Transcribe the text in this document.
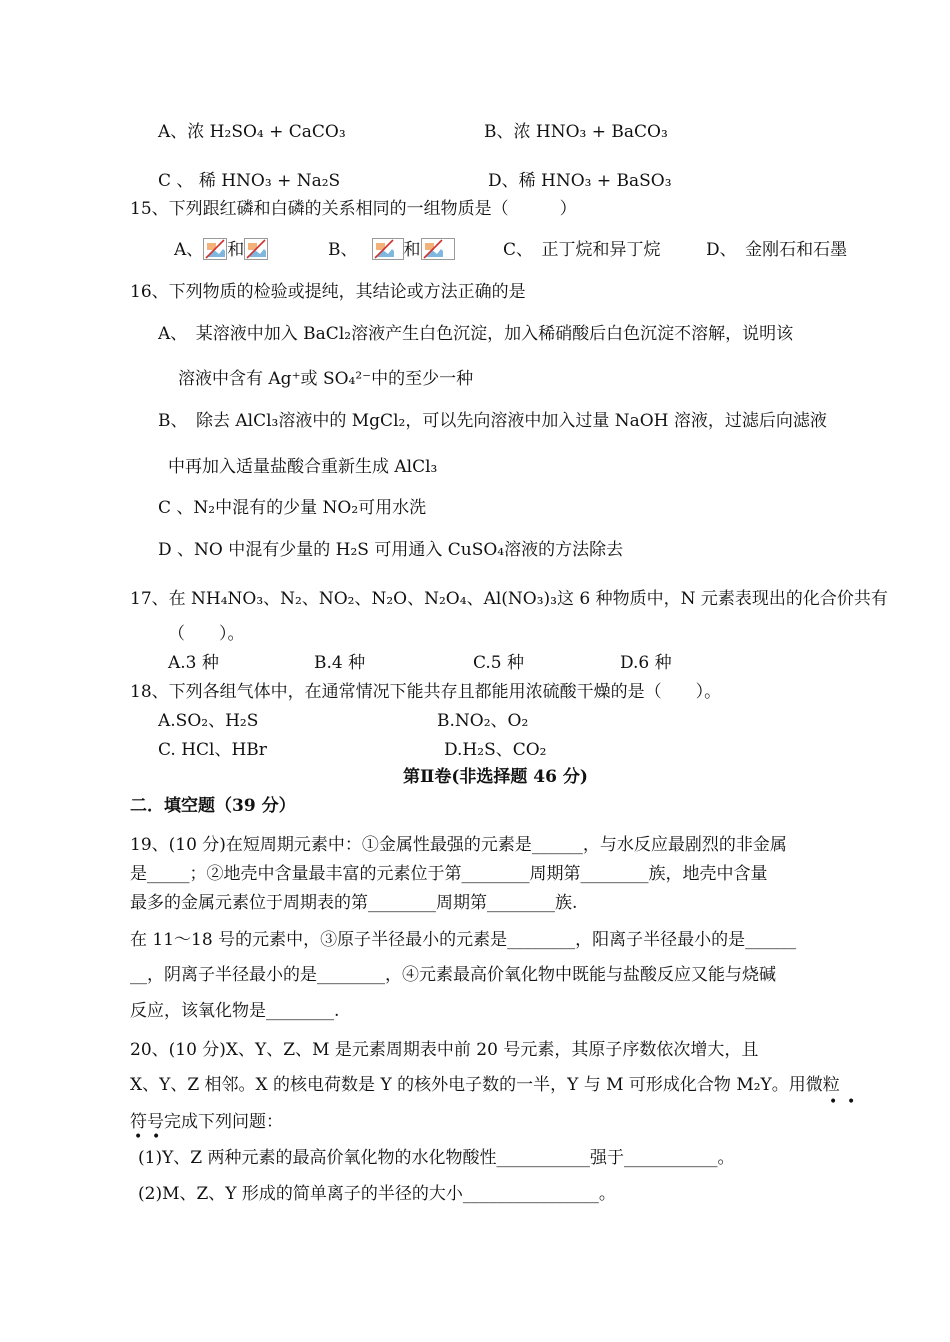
A、浓 H₂SO₄ + CaCO₃	B、浓 HNO₃ + BaCO₃
C 、 稀 HNO₃ + Na₂S	D、稀 HNO₃ + BaSO₃
15、下列跟红磷和白磷的关系相同的一组物质是（　　　）
A、 和	B、	和	C、　正丁烷和异丁烷	D、　金刚石和石墨
16、下列物质的检验或提纯，其结论或方法正确的是
A、　某溶液中加入 BaCl₂溶液产生白色沉淀，加入稀硝酸后白色沉淀不溶解，说明该
溶液中含有 Ag⁺或 SO₄²⁻中的至少一种
B、　除去 AlCl₃溶液中的 MgCl₂，可以先向溶液中加入过量 NaOH 溶液，过滤后向滤液
中再加入适量盐酸合重新生成 AlCl₃
C 、N₂中混有的少量 NO₂可用水洗
D 、NO 中混有少量的 H₂S 可用通入 CuSO₄溶液的方法除去
17、在 NH₄NO₃、N₂、NO₂、N₂O、N₂O₄、Al(NO₃)₃这 6 种物质中，N 元素表现出的化合价共有
（　　）。
A.3 种	B.4 种	C.5 种	D.6 种
18、下列各组气体中，在通常情况下能共存且都能用浓硫酸干燥的是（　　）。
A.SO₂、H₂S	B.NO₂、O₂
C. HCl、HBr	D.H₂S、CO₂
第Ⅱ卷(非选择题 46 分)
二．填空题（39 分）
19、(10 分)在短周期元素中：①金属性最强的元素是______，与水反应最剧烈的非金属
是_____；②地壳中含量最丰富的元素位于第________周期第________族，地壳中含量
最多的金属元素位于周期表的第________周期第________族.
在 11～18 号的元素中，③原子半径最小的元素是________，阳离子半径最小的是______
__，阴离子半径最小的是________，④元素最高价氧化物中既能与盐酸反应又能与烧碱
反应，该氧化物是________.
20、(10 分)X、Y、Z、M 是元素周期表中前 20 号元素，其原子序数依次增大，且
X、Y、Z 相邻。X 的核电荷数是 Y 的核外电子数的一半，Y 与 M 可形成化合物 M₂Y。用微粒
• •
符号完成下列问题：
• •
(1)Y、Z 两种元素的最高价氧化物的水化物酸性___________强于___________。
(2)M、Z、Y 形成的简单离子的半径的大小________________。
